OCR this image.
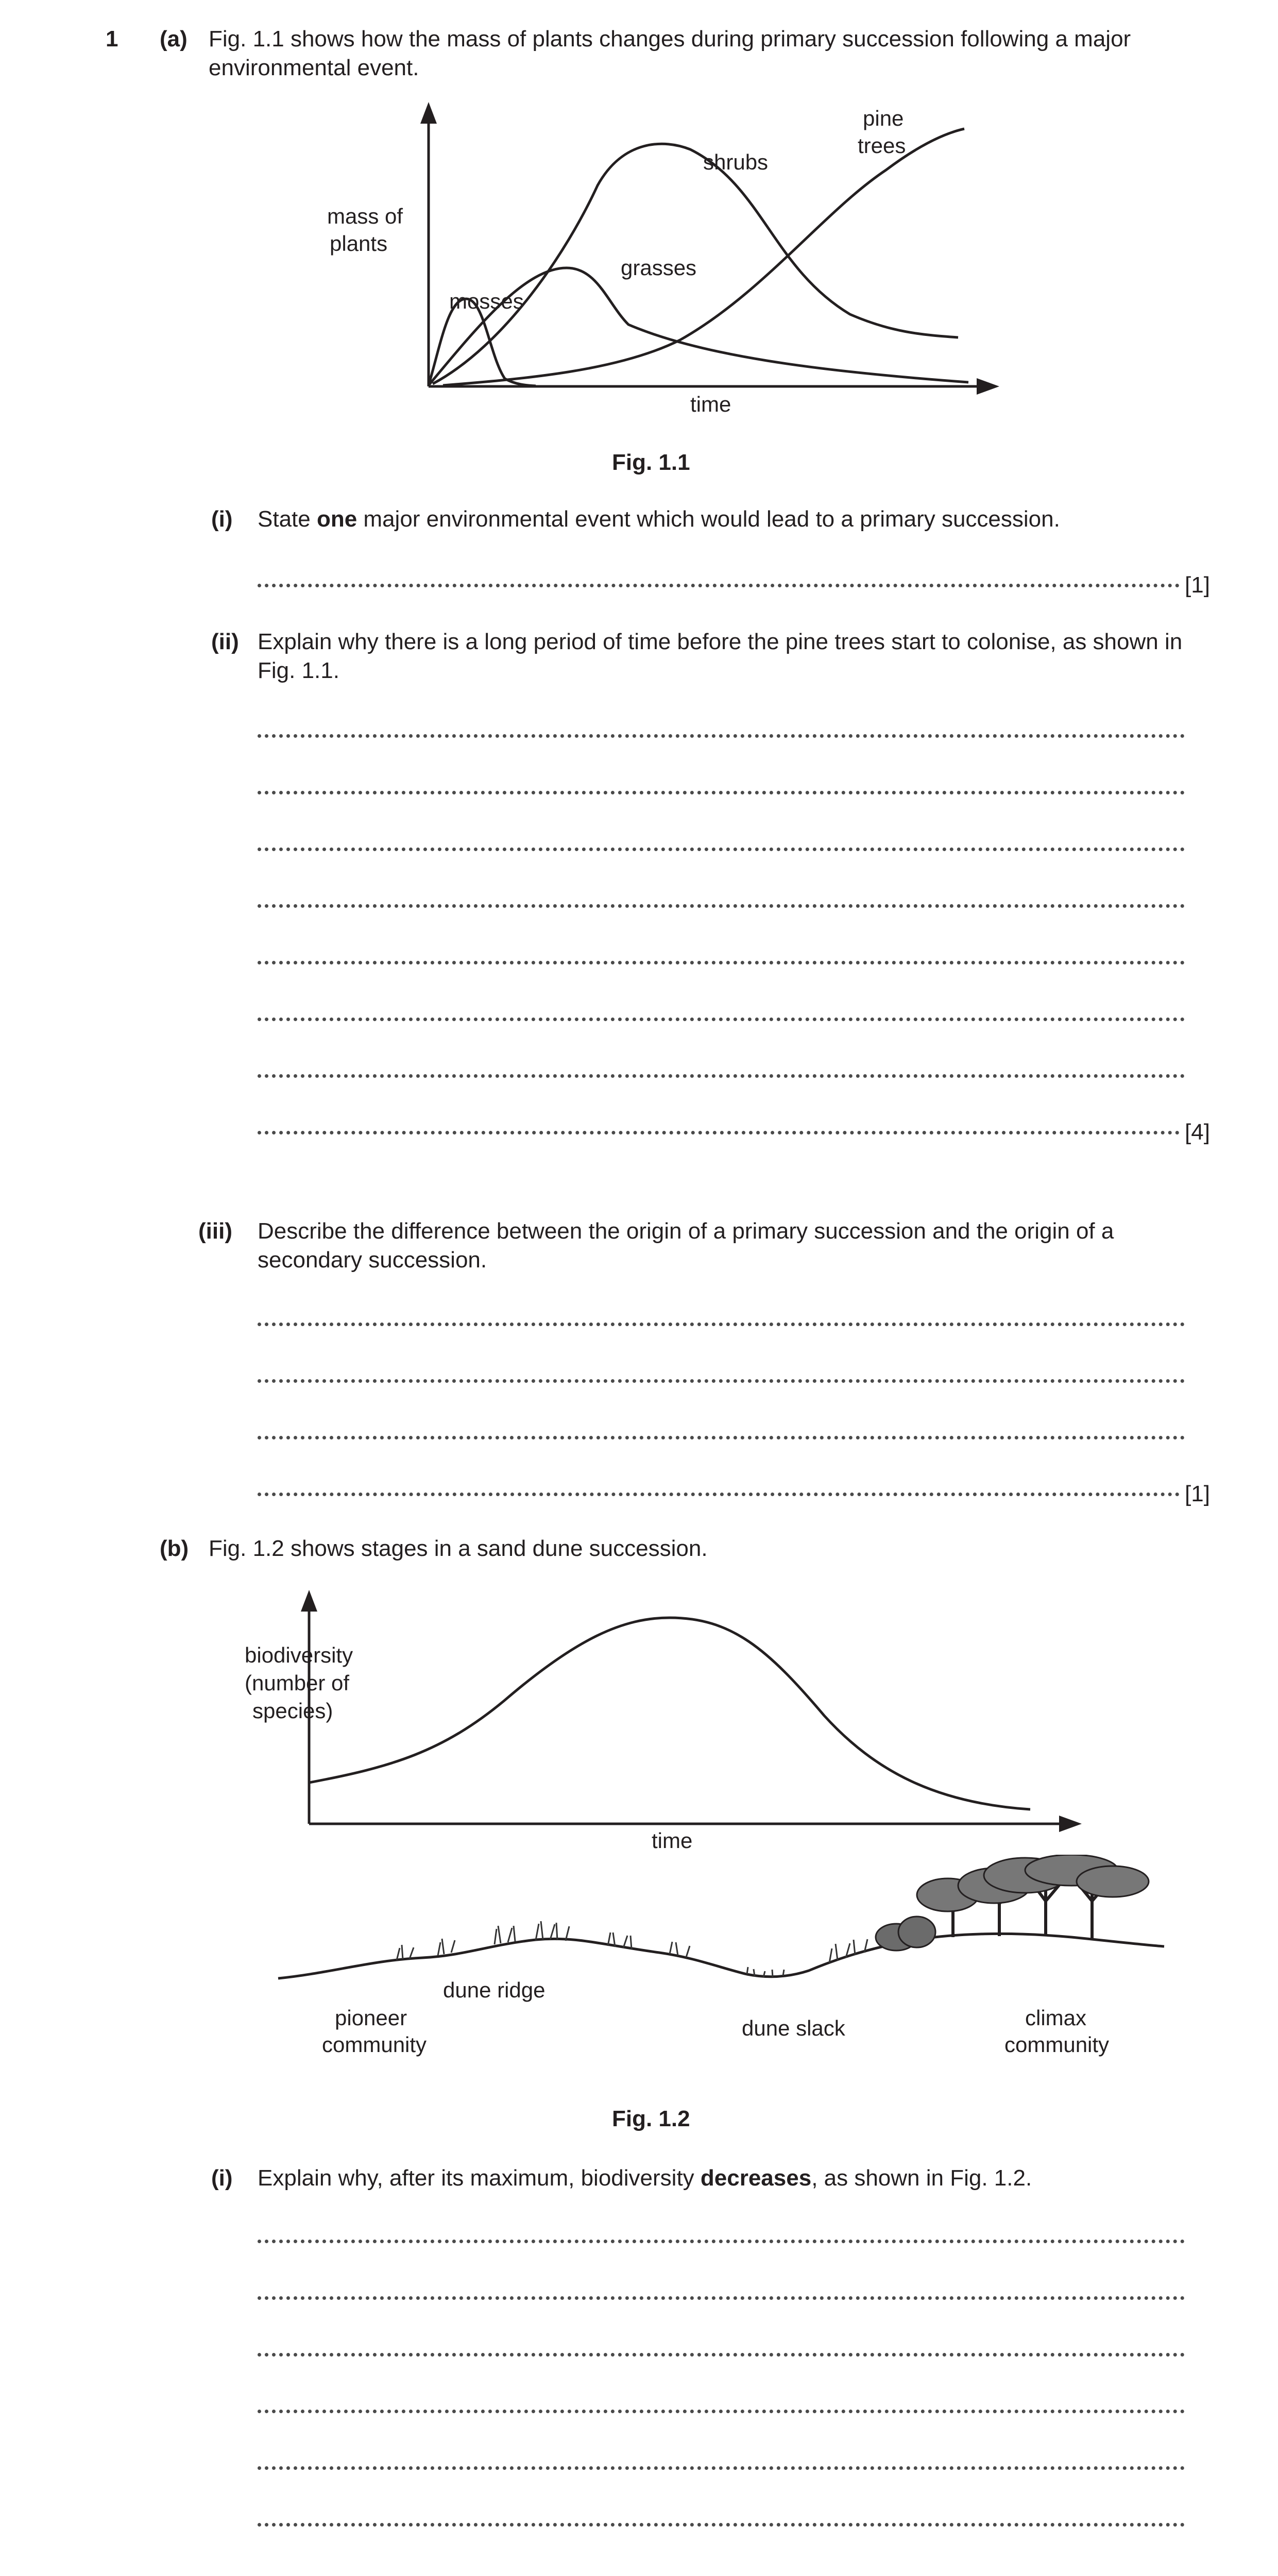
1 (a) Fig. 1.1 shows how the mass of plants changes during primary succession following a major environmental event.
mass of
plants
time
mosses
grasses
shrubs
pine
trees
Fig. 1.1
(i) State one major environmental event which would lead to a primary succession.
[1]
(ii) Explain why there is a long period of time before the pine trees start to colonise, as shown in Fig. 1.1.
[4]
(iii) Describe the difference between the origin of a primary succession and the origin of a secondary succession.
[1]
(b) Fig. 1.2 shows stages in a sand dune succession.
biodiversity
(number of
species)
time
pioneer
community
dune ridge
dune slack	climax
community
Fig. 1.2
(i) Explain why, after its maximum, biodiversity decreases, as shown in Fig. 1.2.
